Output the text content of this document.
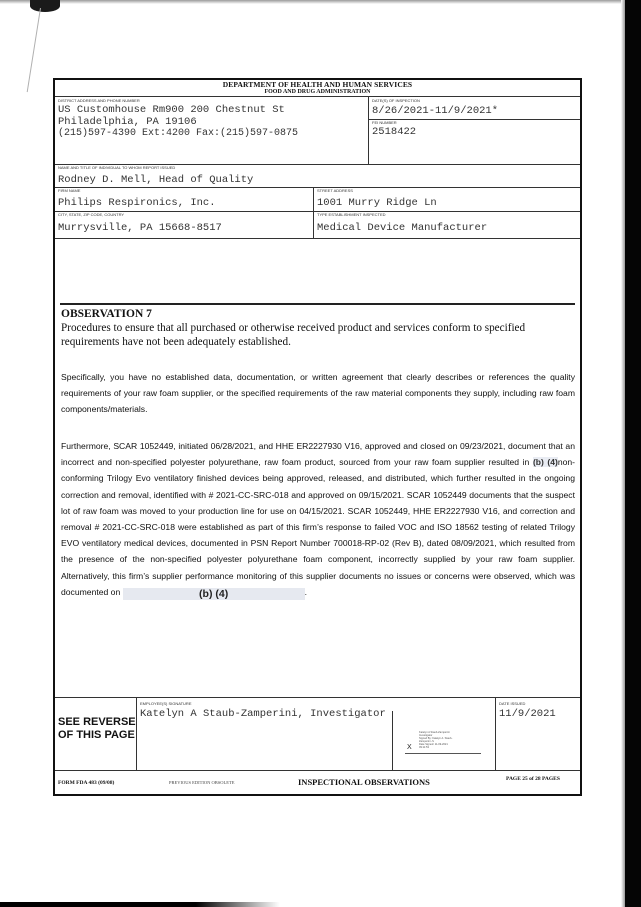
DEPARTMENT OF HEALTH AND HUMAN SERVICES
FOOD AND DRUG ADMINISTRATION
DISTRICT ADDRESS AND PHONE NUMBER
US Customhouse Rm900 200 Chestnut St
Philadelphia, PA 19106
(215)597-4390 Ext:4200 Fax:(215)597-0875
DATE(S) OF INSPECTION
8/26/2021-11/9/2021*
FEI NUMBER
2518422
NAME AND TITLE OF INDIVIDUAL TO WHOM REPORT ISSUED
Rodney D. Mell, Head of Quality
FIRM NAME
Philips Respironics, Inc.
STREET ADDRESS
1001 Murry Ridge Ln
CITY, STATE, ZIP CODE, COUNTRY
Murrysville, PA 15668-8517
TYPE ESTABLISHMENT INSPECTED
Medical Device Manufacturer
OBSERVATION 7
Procedures to ensure that all purchased or otherwise received product and services conform to specified requirements have not been adequately established.
Specifically, you have no established data, documentation, or written agreement that clearly describes or references the quality requirements of your raw foam supplier, or the specified requirements of the raw material components they supply, including raw foam components/materials.
Furthermore, SCAR 1052449, initiated 06/28/2021, and HHE ER2227930 V16, approved and closed on 09/23/2021, document that an incorrect and non-specified polyester polyurethane, raw foam product, sourced from your raw foam supplier resulted in (b) (4)non-conforming Trilogy Evo ventilatory finished devices being approved, released, and distributed, which further resulted in the ongoing correction and removal, identified with # 2021-CC-SRC-018 and approved on 09/15/2021. SCAR 1052449 documents that the suspect lot of raw foam was moved to your production line for use on 04/15/2021. SCAR 1052449, HHE ER2227930 V16, and correction and removal # 2021-CC-SRC-018 were established as part of this firm’s response to failed VOC and ISO 18562 testing of related Trilogy EVO ventilatory medical devices, documented in PSN Report Number 700018-RP-02 (Rev B), dated 08/09/2021, which resulted from the presence of the non-specified polyester polyurethane foam component, incorrectly supplied by your raw foam supplier. Alternatively, this firm’s supplier performance monitoring of this supplier documents no issues or concerns were observed, which was documented on	(b) (4)	.
SEE REVERSE
OF THIS PAGE
EMPLOYEE(S) SIGNATURE
Katelyn A Staub-Zamperini, Investigator
Katelyn A Staub-Zamperini
Investigator
Signed By: Katelyn A. Staub-
Zamperini -S
Date Signed: 11-09-2021
09:11:53
X
DATE ISSUED
11/9/2021
FORM FDA 483 (09/08)	PREVIOUS EDITION OBSOLETE	INSPECTIONAL OBSERVATIONS	PAGE 25 of 28 PAGES
